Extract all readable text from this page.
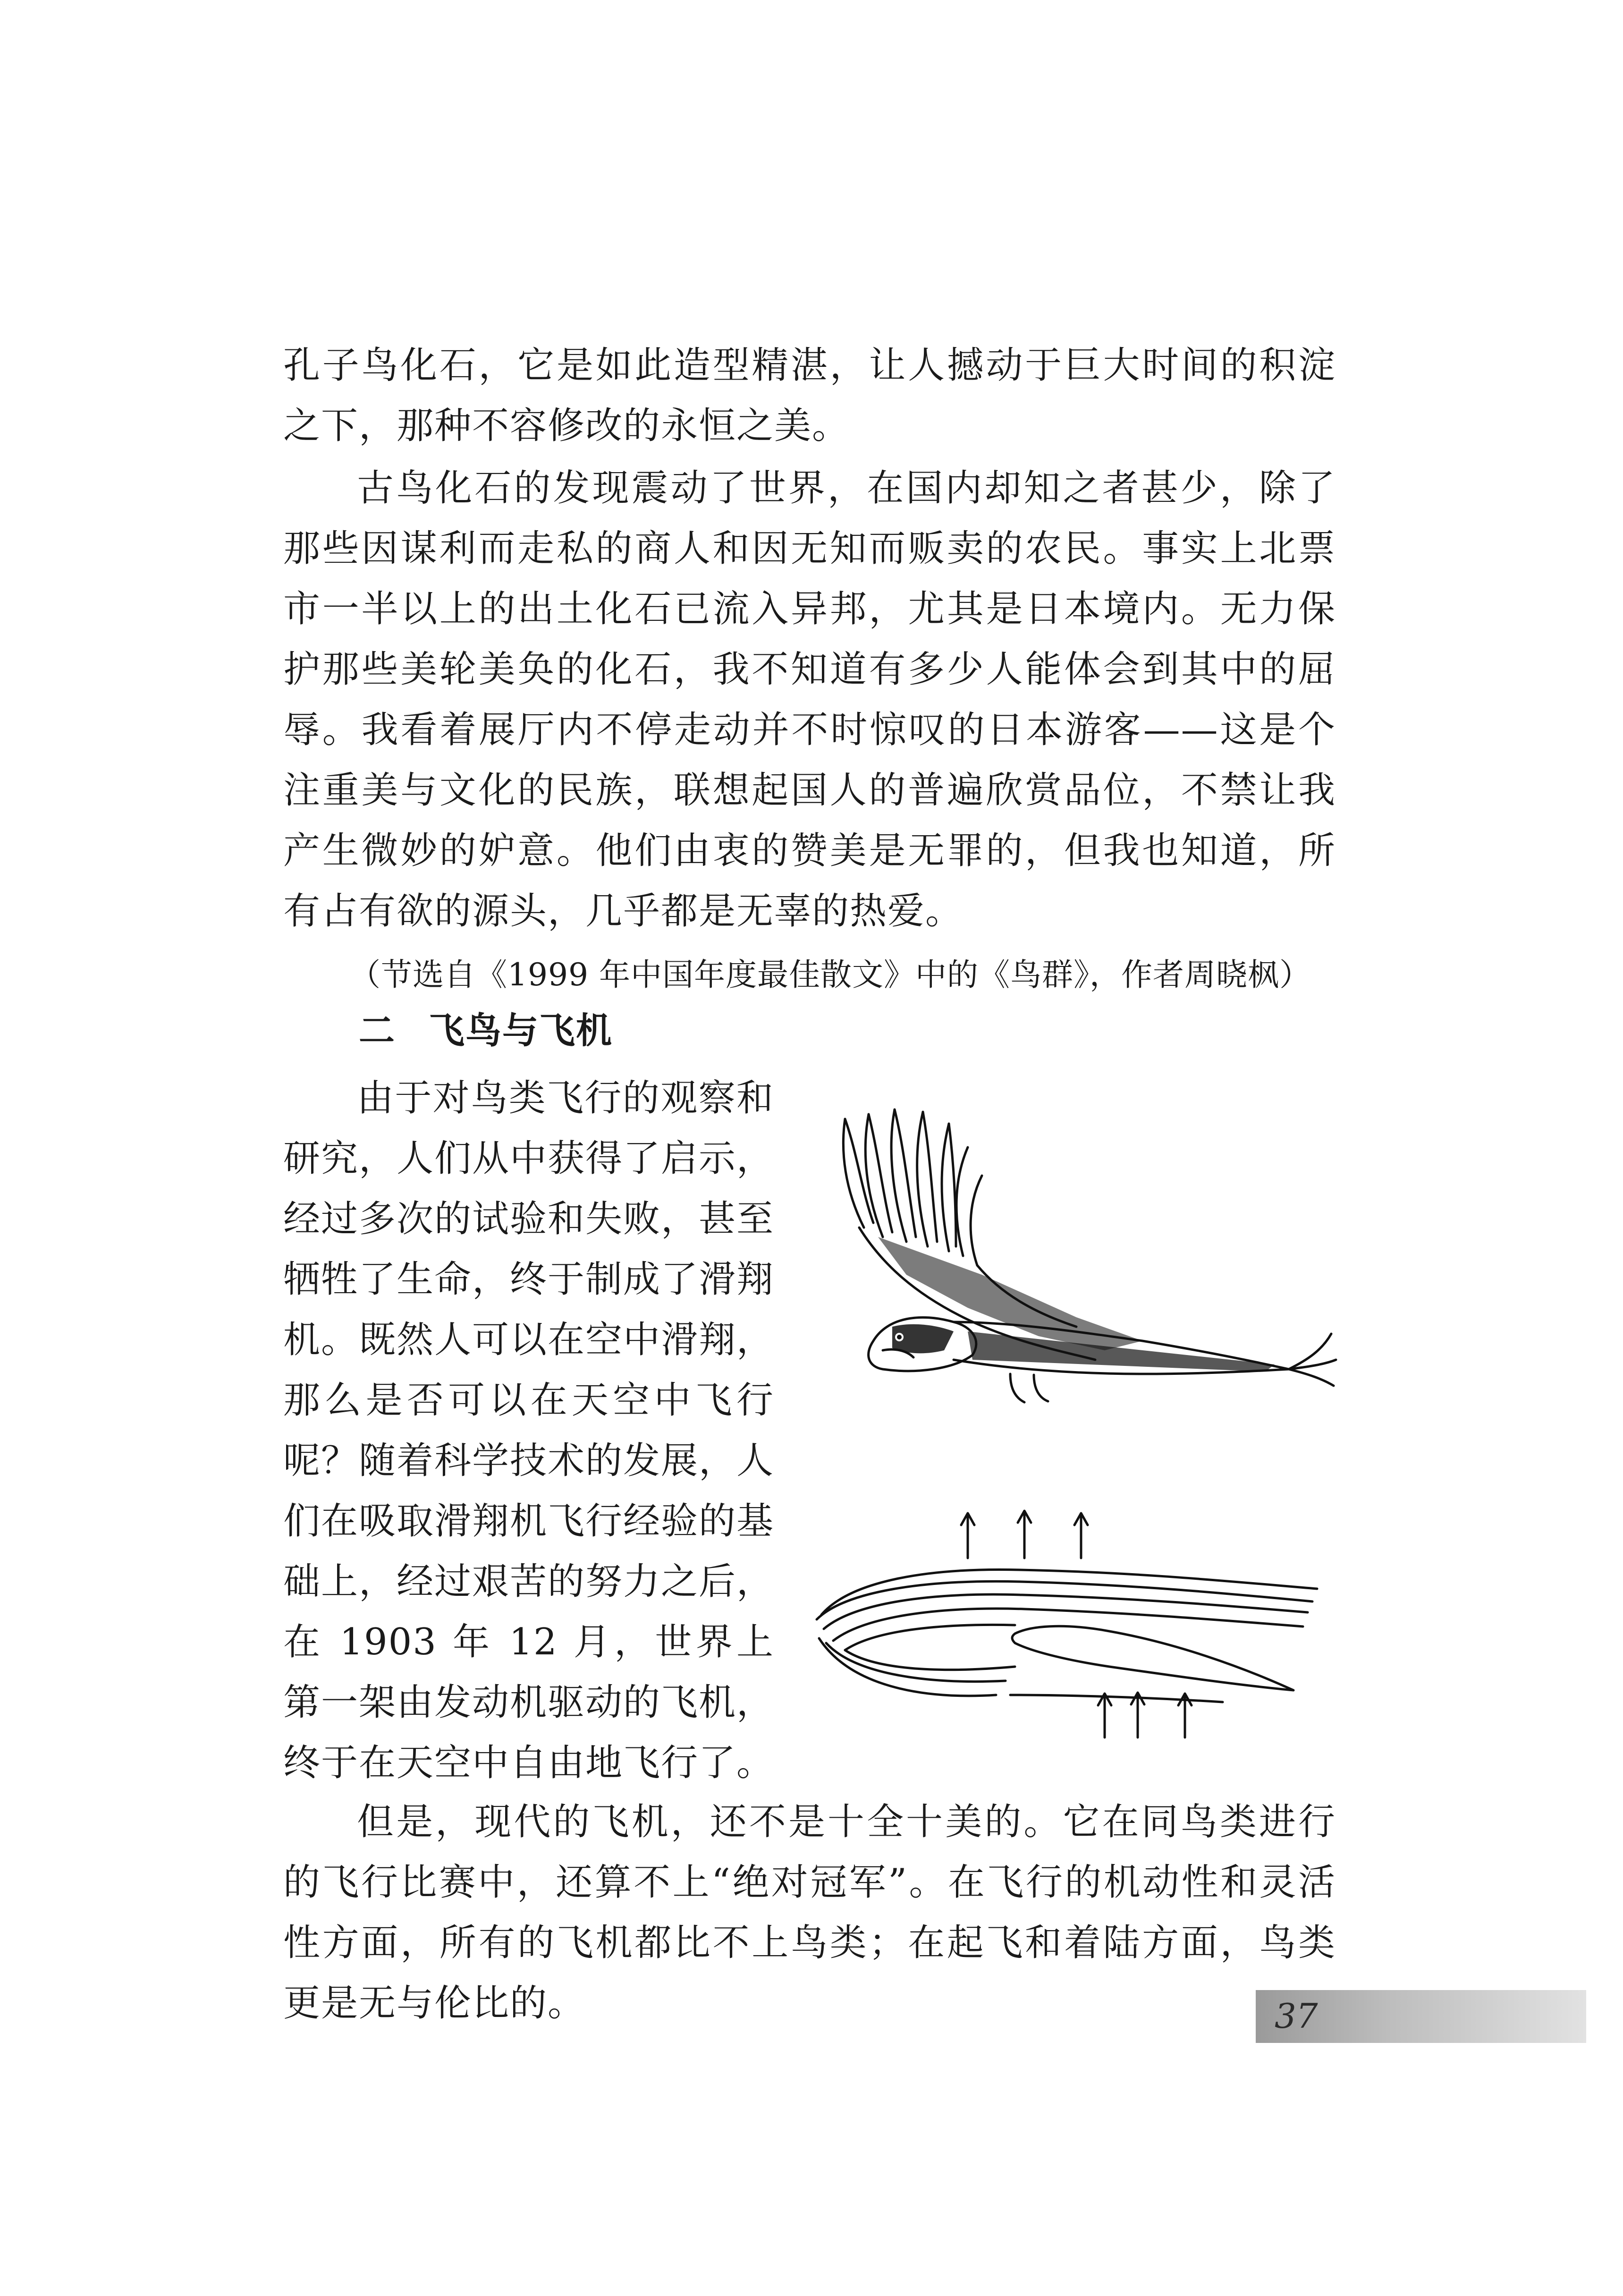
孔子鸟化石，它是如此造型精湛，让人撼动于巨大时间的积淀之下，那种不容修改的永恒之美。

古鸟化石的发现震动了世界，在国内却知之者甚少，除了那些因谋利而走私的商人和因无知而贩卖的农民。事实上北票市一半以上的出土化石已流入异邦，尤其是日本境内。无力保护那些美轮美奂的化石，我不知道有多少人能体会到其中的屈辱。我看着展厅内不停走动并不时惊叹的日本游客——这是个注重美与文化的民族，联想起国人的普遍欣赏品位，不禁让我产生微妙的妒意。他们由衷的赞美是无罪的，但我也知道，所有占有欲的源头，几乎都是无辜的热爱。

（节选自《1999 年中国年度最佳散文》中的《鸟群》，作者周晓枫）
二 飞鸟与飞机

由于对鸟类飞行的观察和研究，人们从中获得了启示，经过多次的试验和失败，甚至牺牲了生命，终于制成了滑翔机。既然人可以在空中滑翔，那么是否可以在天空中飞行呢？随着科学技术的发展，人们在吸取滑翔机飞行经验的基础上，经过艰苦的努力之后，在 1903 年 12 月，世界上第一架由发动机驱动的飞机，终于在天空中自由地飞行了。

但是，现代的飞机，还不是十全十美的。它在同鸟类进行的飞行比赛中，还算不上“绝对冠军”。在飞行的机动性和灵活性方面，所有的飞机都比不上鸟类；在起飞和着陆方面，鸟类更是无与伦比的。	37
